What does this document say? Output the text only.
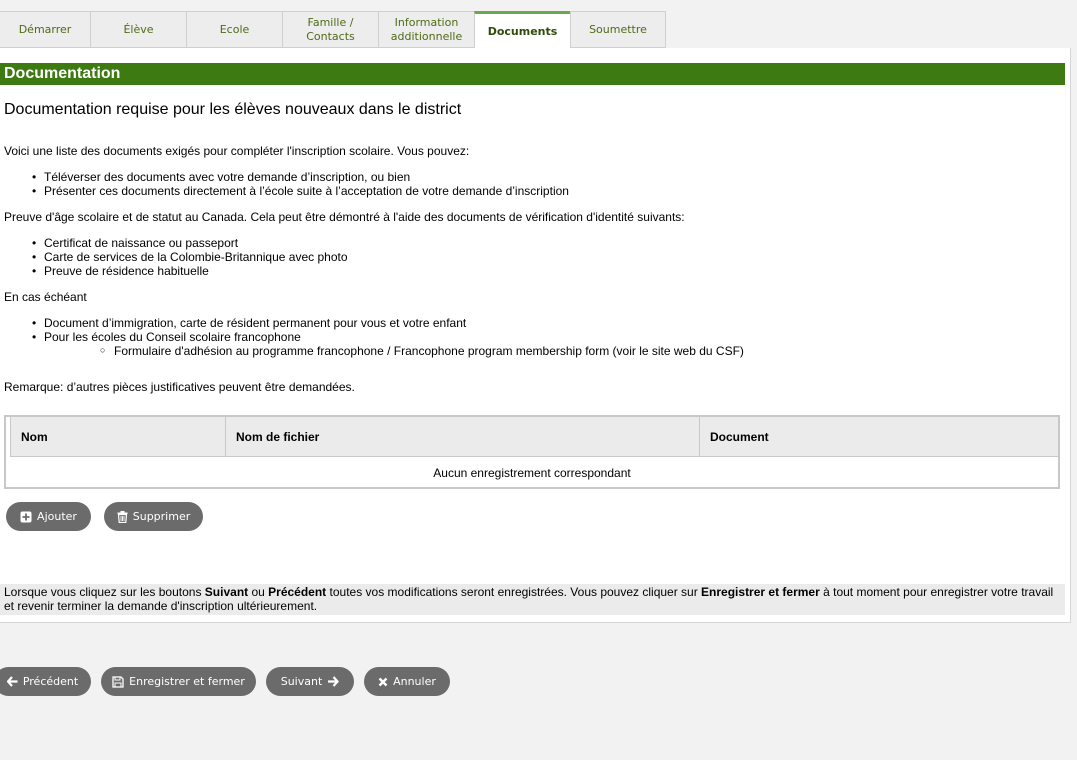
Démarrer	Élève	Ecole
Famille /
Contacts
Information
additionnelle Documents	Soumettre
Documentation
Documentation requise pour les élèves nouveaux dans le district
Voici une liste des documents exigés pour compléter l'inscription scolaire. Vous pouvez:
• Téléverser des documents avec votre demande d’inscription, ou bien
• Présenter ces documents directement à l’école suite à l’acceptation de votre demande d’inscription
Preuve d'âge scolaire et de statut au Canada. Cela peut être démontré à l'aide des documents de vérification d'identité suivants:
• Certificat de naissance ou passeport
• Carte de services de la Colombie-Britannique avec photo
• Preuve de résidence habituelle
En cas échéant
• Document d’immigration, carte de résident permanent pour vous et votre enfant
• Pour les écoles du Conseil scolaire francophone
○ Formulaire d'adhésion au programme francophone / Francophone program membership form (voir le site web du CSF)
Remarque: d’autres pièces justificatives peuvent être demandées.
Nom	Nom de fichier	Document
Aucun enregistrement correspondant
Ajouter	Supprimer
Lorsque vous cliquez sur les boutons Suivant ou Précédent toutes vos modifications seront enregistrées. Vous pouvez cliquer sur Enregistrer et fermer à tout moment pour enregistrer votre travail et revenir terminer la demande d'inscription ultérieurement.
Précédent	Enregistrer et fermer	Suivant	Annuler
